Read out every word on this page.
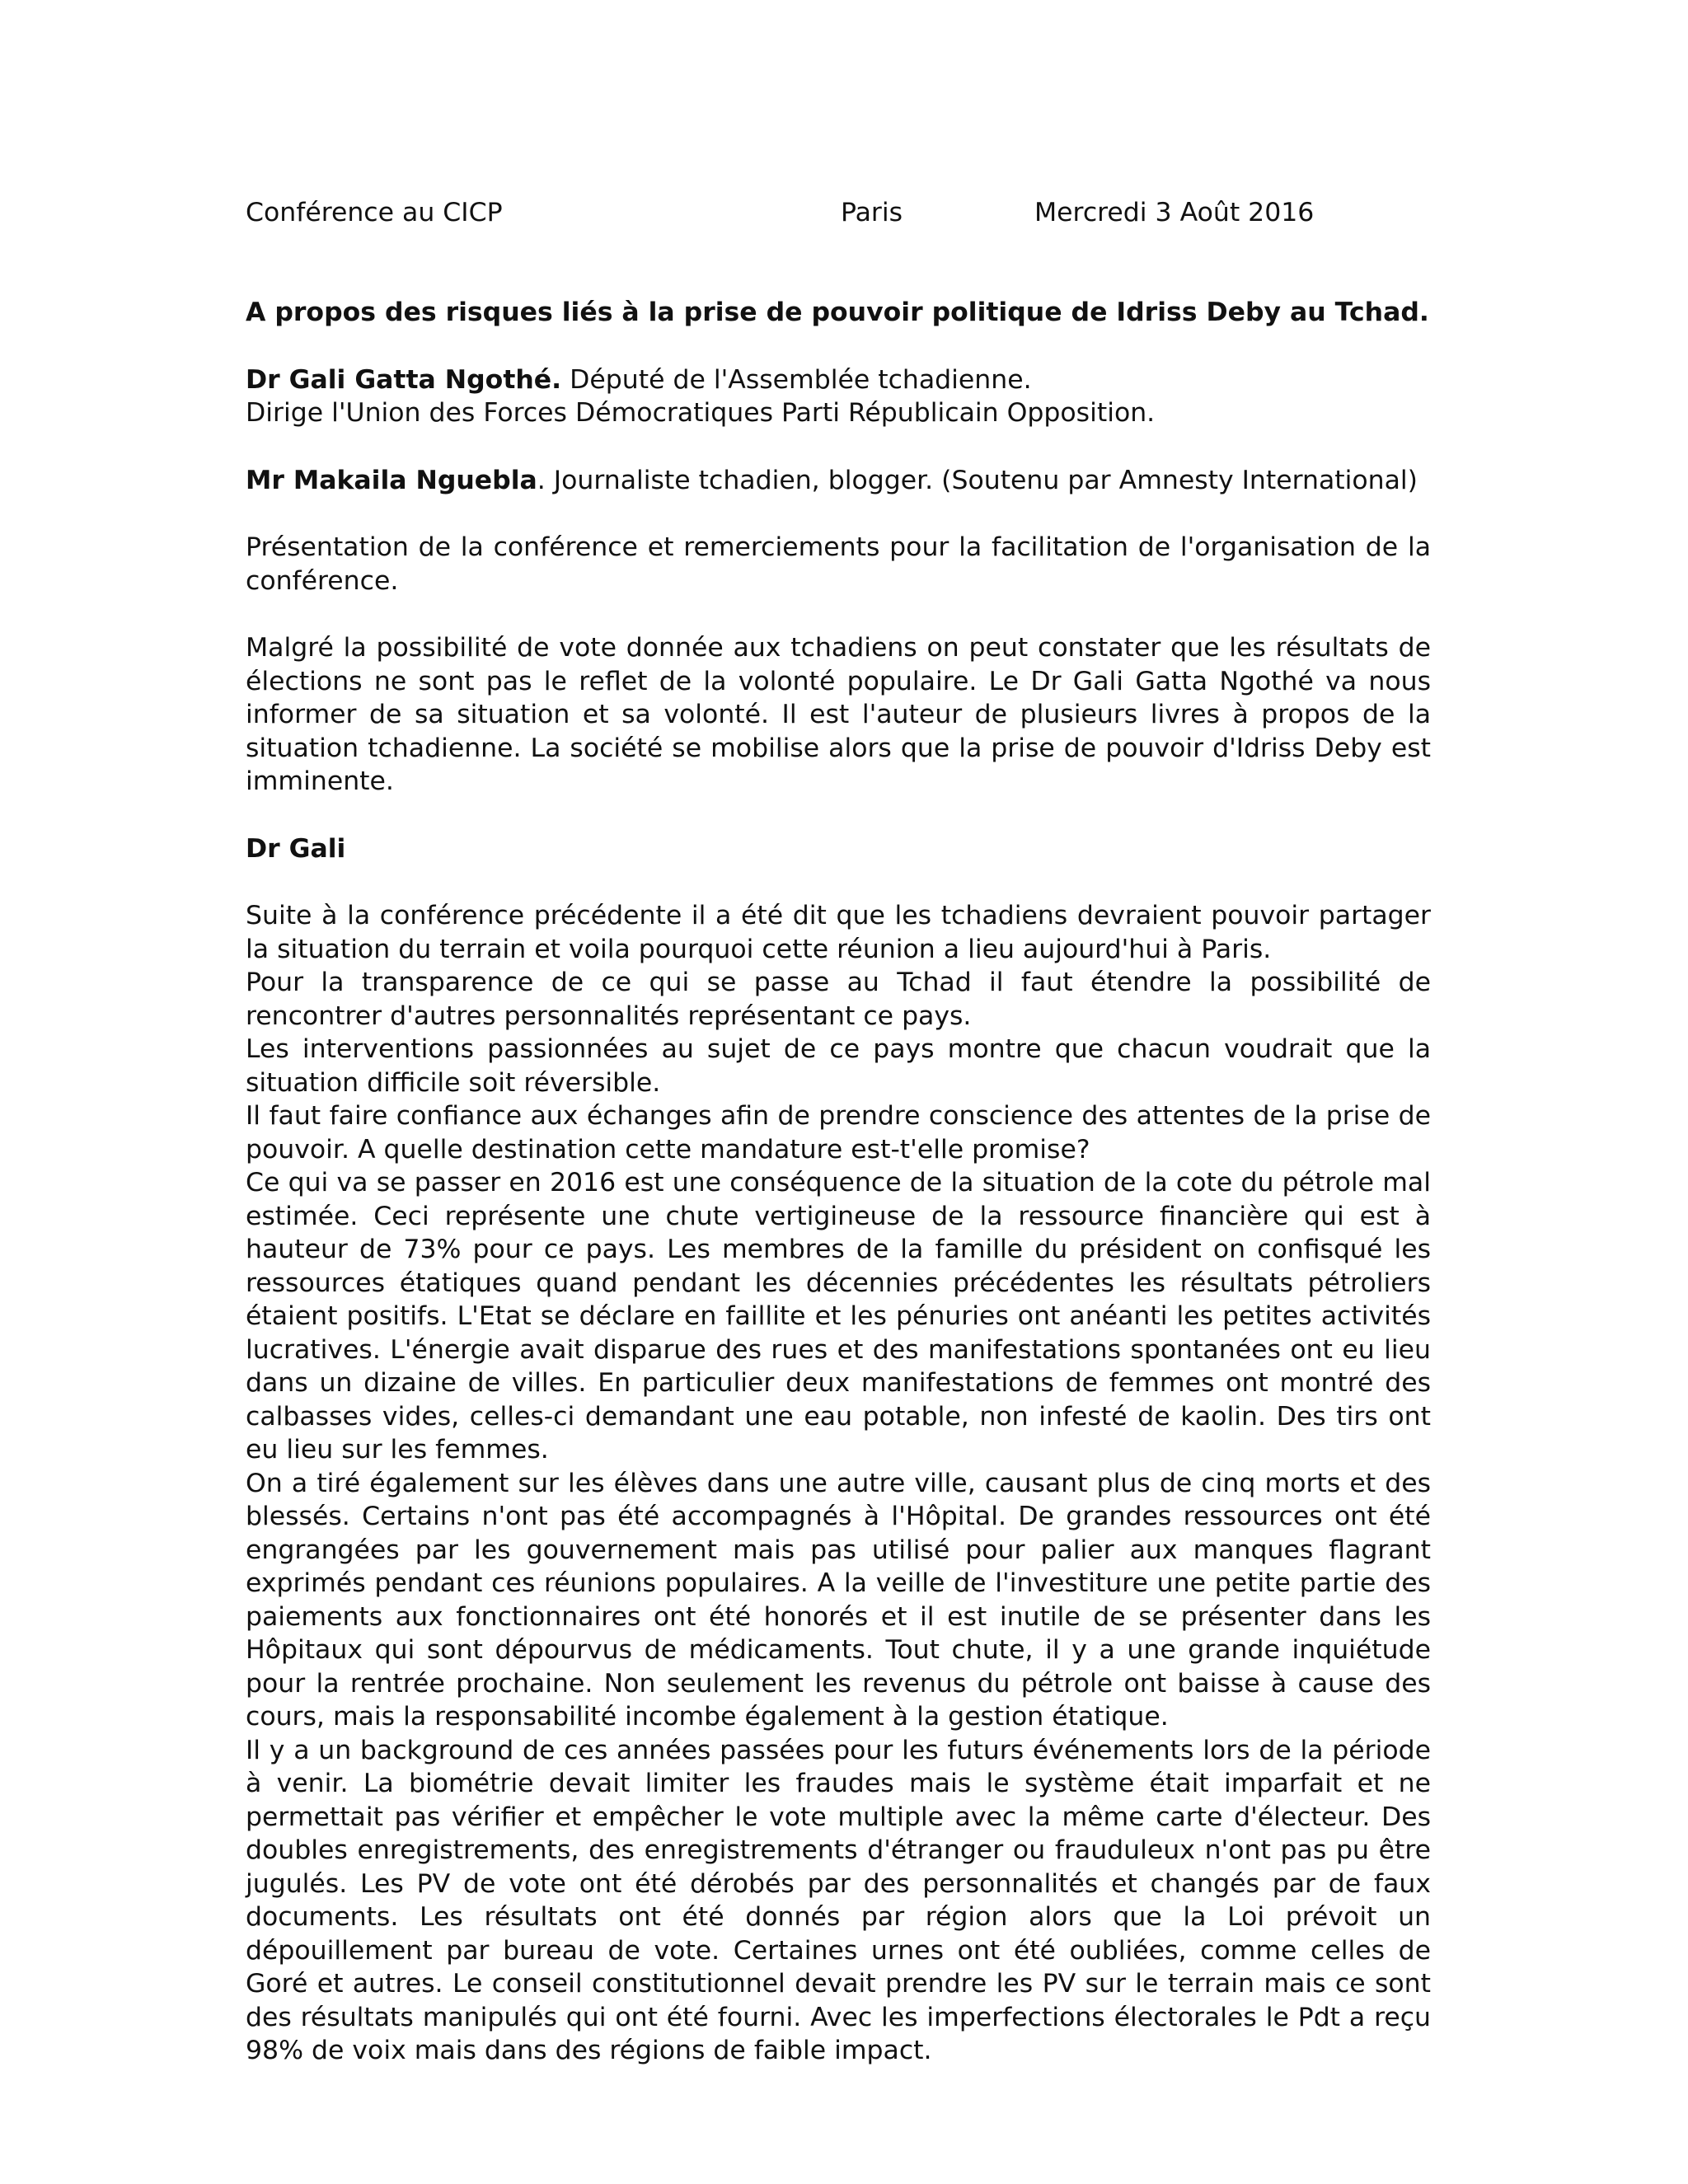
Conférence au CICP	Paris	Mercredi 3 Août 2016
A propos des risques liés à la prise de pouvoir politique de Idriss Deby au Tchad.
Dr Gali Gatta Ngothé. Député de l'Assemblée tchadienne.
Dirige l'Union des Forces Démocratiques Parti Républicain Opposition.
Mr Makaila Nguebla. Journaliste tchadien, blogger. (Soutenu par Amnesty International)

Présentation de la conférence et remerciements pour la facilitation de l'organisation de la conférence.

Malgré la possibilité de vote donnée aux tchadiens on peut constater que les résultats de élections ne sont pas le reflet de la volonté populaire. Le Dr Gali Gatta Ngothé va nous informer de sa situation et sa volonté. Il est l'auteur de plusieurs livres à propos de la situation tchadienne. La société se mobilise alors que la prise de pouvoir d'Idriss Deby est imminente.

Dr Gali

Suite à la conférence précédente il a été dit que les tchadiens devraient pouvoir partager la situation du terrain et voila pourquoi cette réunion a lieu aujourd'hui à Paris.

Pour la transparence de ce qui se passe au Tchad il faut étendre la possibilité de rencontrer d'autres personnalités représentant ce pays.

Les interventions passionnées au sujet de ce pays montre que chacun voudrait que la situation difficile soit réversible.

Il faut faire confiance aux échanges afin de prendre conscience des attentes de la prise de pouvoir. A quelle destination cette mandature est-t'elle promise?

Ce qui va se passer en 2016 est une conséquence de la situation de la cote du pétrole mal estimée. Ceci représente une chute vertigineuse de la ressource financière qui est à hauteur de 73% pour ce pays. Les membres de la famille du président on confisqué les ressources étatiques quand pendant les décennies précédentes les résultats pétroliers étaient positifs. L'Etat se déclare en faillite et les pénuries ont anéanti les petites activités lucratives. L'énergie avait disparue des rues et des manifestations spontanées ont eu lieu dans un dizaine de villes. En particulier deux manifestations de femmes ont montré des calbasses vides, celles-ci demandant une eau potable, non infesté de kaolin. Des tirs ont eu lieu sur les femmes.

On a tiré également sur les élèves dans une autre ville, causant plus de cinq morts et des blessés. Certains n'ont pas été accompagnés à l'Hôpital. De grandes ressources ont été engrangées par les gouvernement mais pas utilisé pour palier aux manques flagrant exprimés pendant ces réunions populaires. A la veille de l'investiture une petite partie des paiements aux fonctionnaires ont été honorés et il est inutile de se présenter dans les Hôpitaux qui sont dépourvus de médicaments. Tout chute, il y a une grande inquiétude pour la rentrée prochaine. Non seulement les revenus du pétrole ont baisse à cause des cours, mais la responsabilité incombe également à la gestion étatique.

Il y a un background de ces années passées pour les futurs événements lors de la période à venir. La biométrie devait limiter les fraudes mais le système était imparfait et ne permettait pas vérifier et empêcher le vote multiple avec la même carte d'électeur. Des doubles enregistrements, des enregistrements d'étranger ou frauduleux n'ont pas pu être jugulés. Les PV de vote ont été dérobés par des personnalités et changés par de faux documents. Les résultats ont été donnés par région alors que la Loi prévoit un dépouillement par bureau de vote. Certaines urnes ont été oubliées, comme celles de Goré et autres. Le conseil constitutionnel devait prendre les PV sur le terrain mais ce sont des résultats manipulés qui ont été fourni. Avec les imperfections électorales le Pdt a reçu 98% de voix mais dans des régions de faible impact.
